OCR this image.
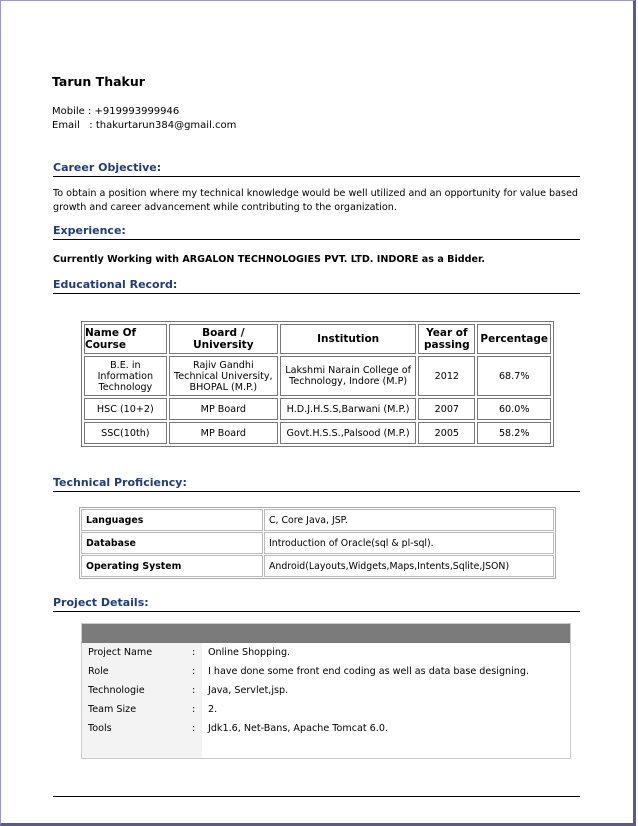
Tarun Thakur
Mobile : +919993999946
Email   : thakurtarun384@gmail.com
Career Objective:
To obtain a position where my technical knowledge would be well utilized and an opportunity for value based growth and career advancement while contributing to the organization.
Experience:
Currently Working with ARGALON TECHNOLOGIES PVT. LTD. INDORE as a Bidder.
Educational Record:
Name Of Course	Board / University	Institution	Year of passing	Percentage
B.E. in Information Technology	Rajiv Gandhi Technical University, BHOPAL (M.P.)	Lakshmi Narain College of Technology, Indore (M.P)	2012	68.7%
HSC (10+2)	MP Board	H.D.J.H.S.S,Barwani (M.P.)	2007	60.0%
SSC(10th)	MP Board	Govt.H.S.S.,Palsood (M.P.)	2005	58.2%
Technical Proficiency:
Languages	C, Core Java, JSP.
Database	Introduction of Oracle(sql & pl-sql).
Operating System	Android(Layouts,Widgets,Maps,Intents,Sqlite,JSON)
Project Details:
Project Name	:	Online Shopping.
Role	:	I have done some front end coding as well as data base designing.
Technologie	:	Java, Servlet,jsp.
Team Size	:	2.
Tools	:	Jdk1.6, Net-Bans, Apache Tomcat 6.0.
